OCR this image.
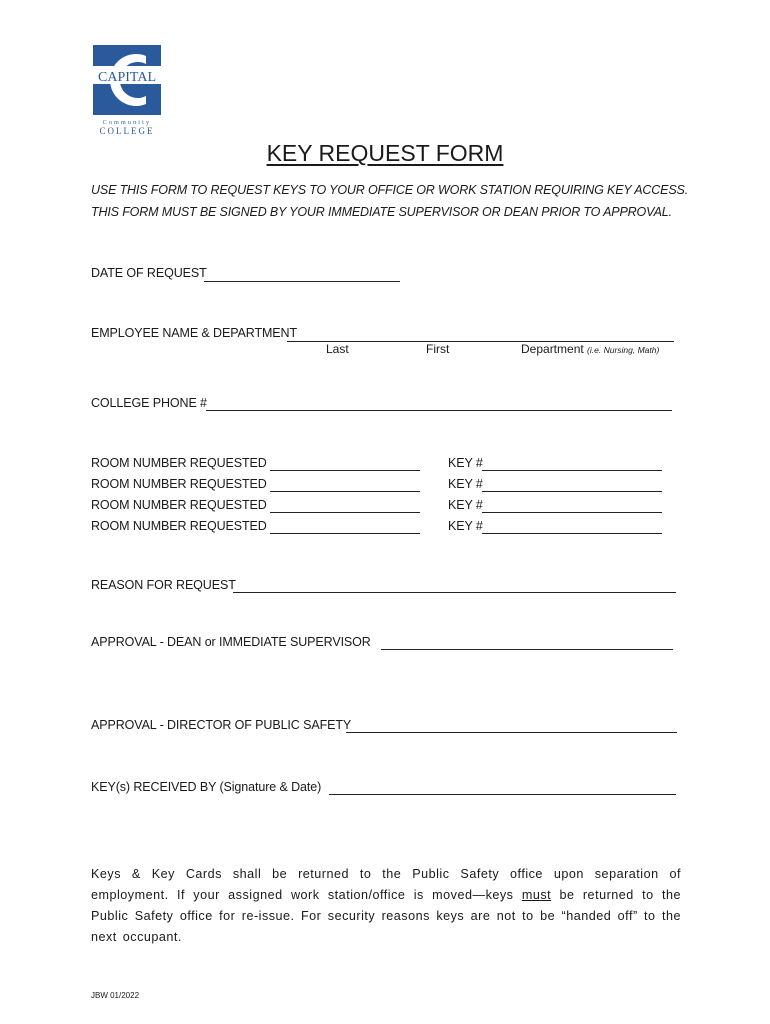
CAPITAL
Community
COLLEGE
KEY REQUEST FORM
USE THIS FORM TO REQUEST KEYS TO YOUR OFFICE OR WORK STATION REQUIRING KEY ACCESS.
THIS FORM MUST BE SIGNED BY YOUR IMMEDIATE SUPERVISOR OR DEAN PRIOR TO APPROVAL.
DATE OF REQUEST
EMPLOYEE NAME & DEPARTMENT
Last	First	Department (i.e. Nursing, Math)
COLLEGE PHONE #
ROOM NUMBER REQUESTED	KEY #
ROOM NUMBER REQUESTED	KEY #
ROOM NUMBER REQUESTED	KEY #
ROOM NUMBER REQUESTED	KEY #
REASON FOR REQUEST
APPROVAL - DEAN or IMMEDIATE SUPERVISOR
APPROVAL - DIRECTOR OF PUBLIC SAFETY
KEY(s) RECEIVED BY (Signature & Date)
Keys & Key Cards shall be returned to the Public Safety office upon separation of employment. If your assigned work station/office is moved—keys must be returned to the Public Safety office for re-issue. For security reasons keys are not to be “handed off” to the next occupant.
JBW 01/2022
